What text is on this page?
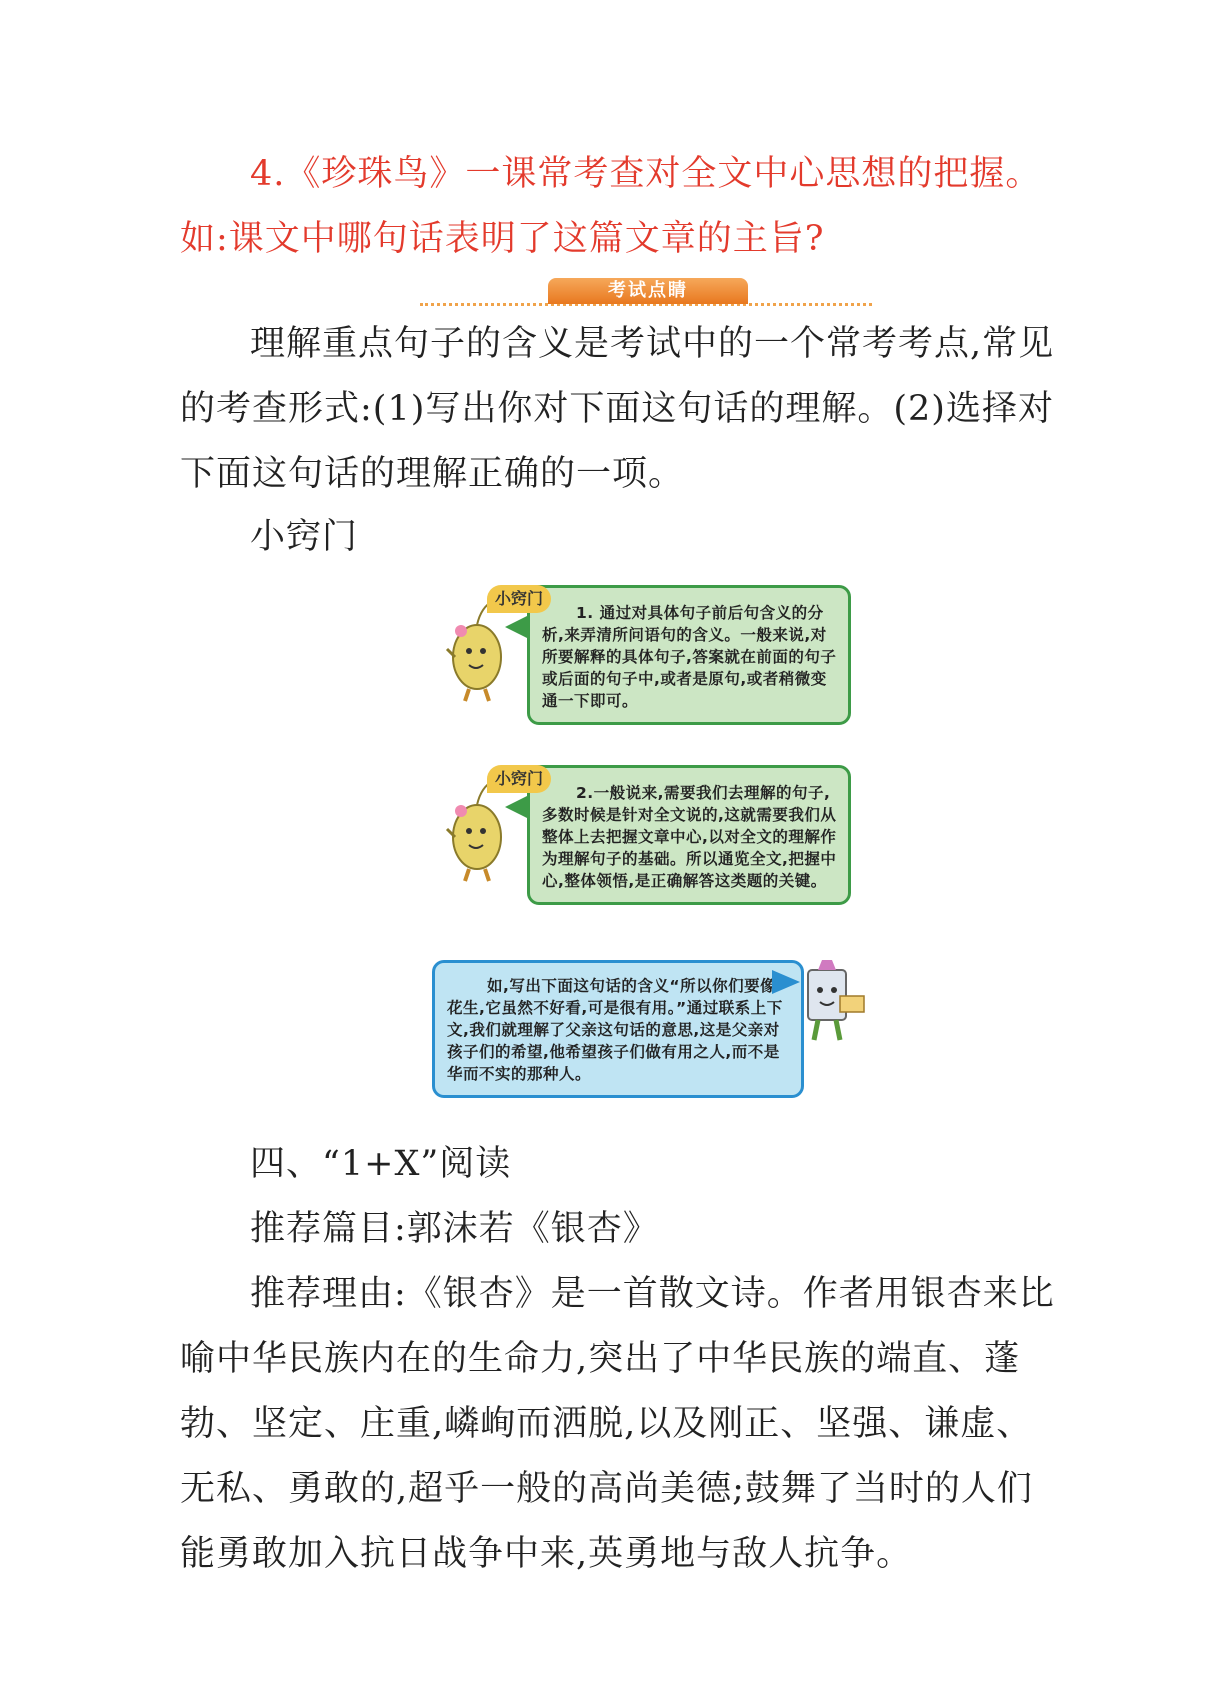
4.《珍珠鸟》一课常考查对全文中心思想的把握。如:课文中哪句话表明了这篇文章的主旨?

考试点睛

理解重点句子的含义是考试中的一个常考考点,常见的考查形式:(1)写出你对下面这句话的理解。(2)选择对下面这句话的理解正确的一项。

小窍门

1. 通过对具体句子前后句含义的分析,来弄清所问语句的含义。一般来说,对所要解释的具体句子,答案就在前面的句子或后面的句子中,或者是原句,或者稍微变通一下即可。
小窍门
2.一般说来,需要我们去理解的句子,多数时候是针对全文说的,这就需要我们从整体上去把握文章中心,以对全文的理解作为理解句子的基础。所以通览全文,把握中心,整体领悟,是正确解答这类题的关键。
小窍门
如,写出下面这句话的含义“所以你们要像花生,它虽然不好看,可是很有用。”通过联系上下文,我们就理解了父亲这句话的意思,这是父亲对孩子们的希望,他希望孩子们做有用之人,而不是华而不实的那种人。

四、“1+X”阅读

推荐篇目:郭沫若《银杏》

推荐理由:《银杏》是一首散文诗。作者用银杏来比喻中华民族内在的生命力,突出了中华民族的端直、蓬勃、坚定、庄重,嶙峋而洒脱,以及刚正、坚强、谦虚、无私、勇敢的,超乎一般的高尚美德;鼓舞了当时的人们能勇敢加入抗日战争中来,英勇地与敌人抗争。
